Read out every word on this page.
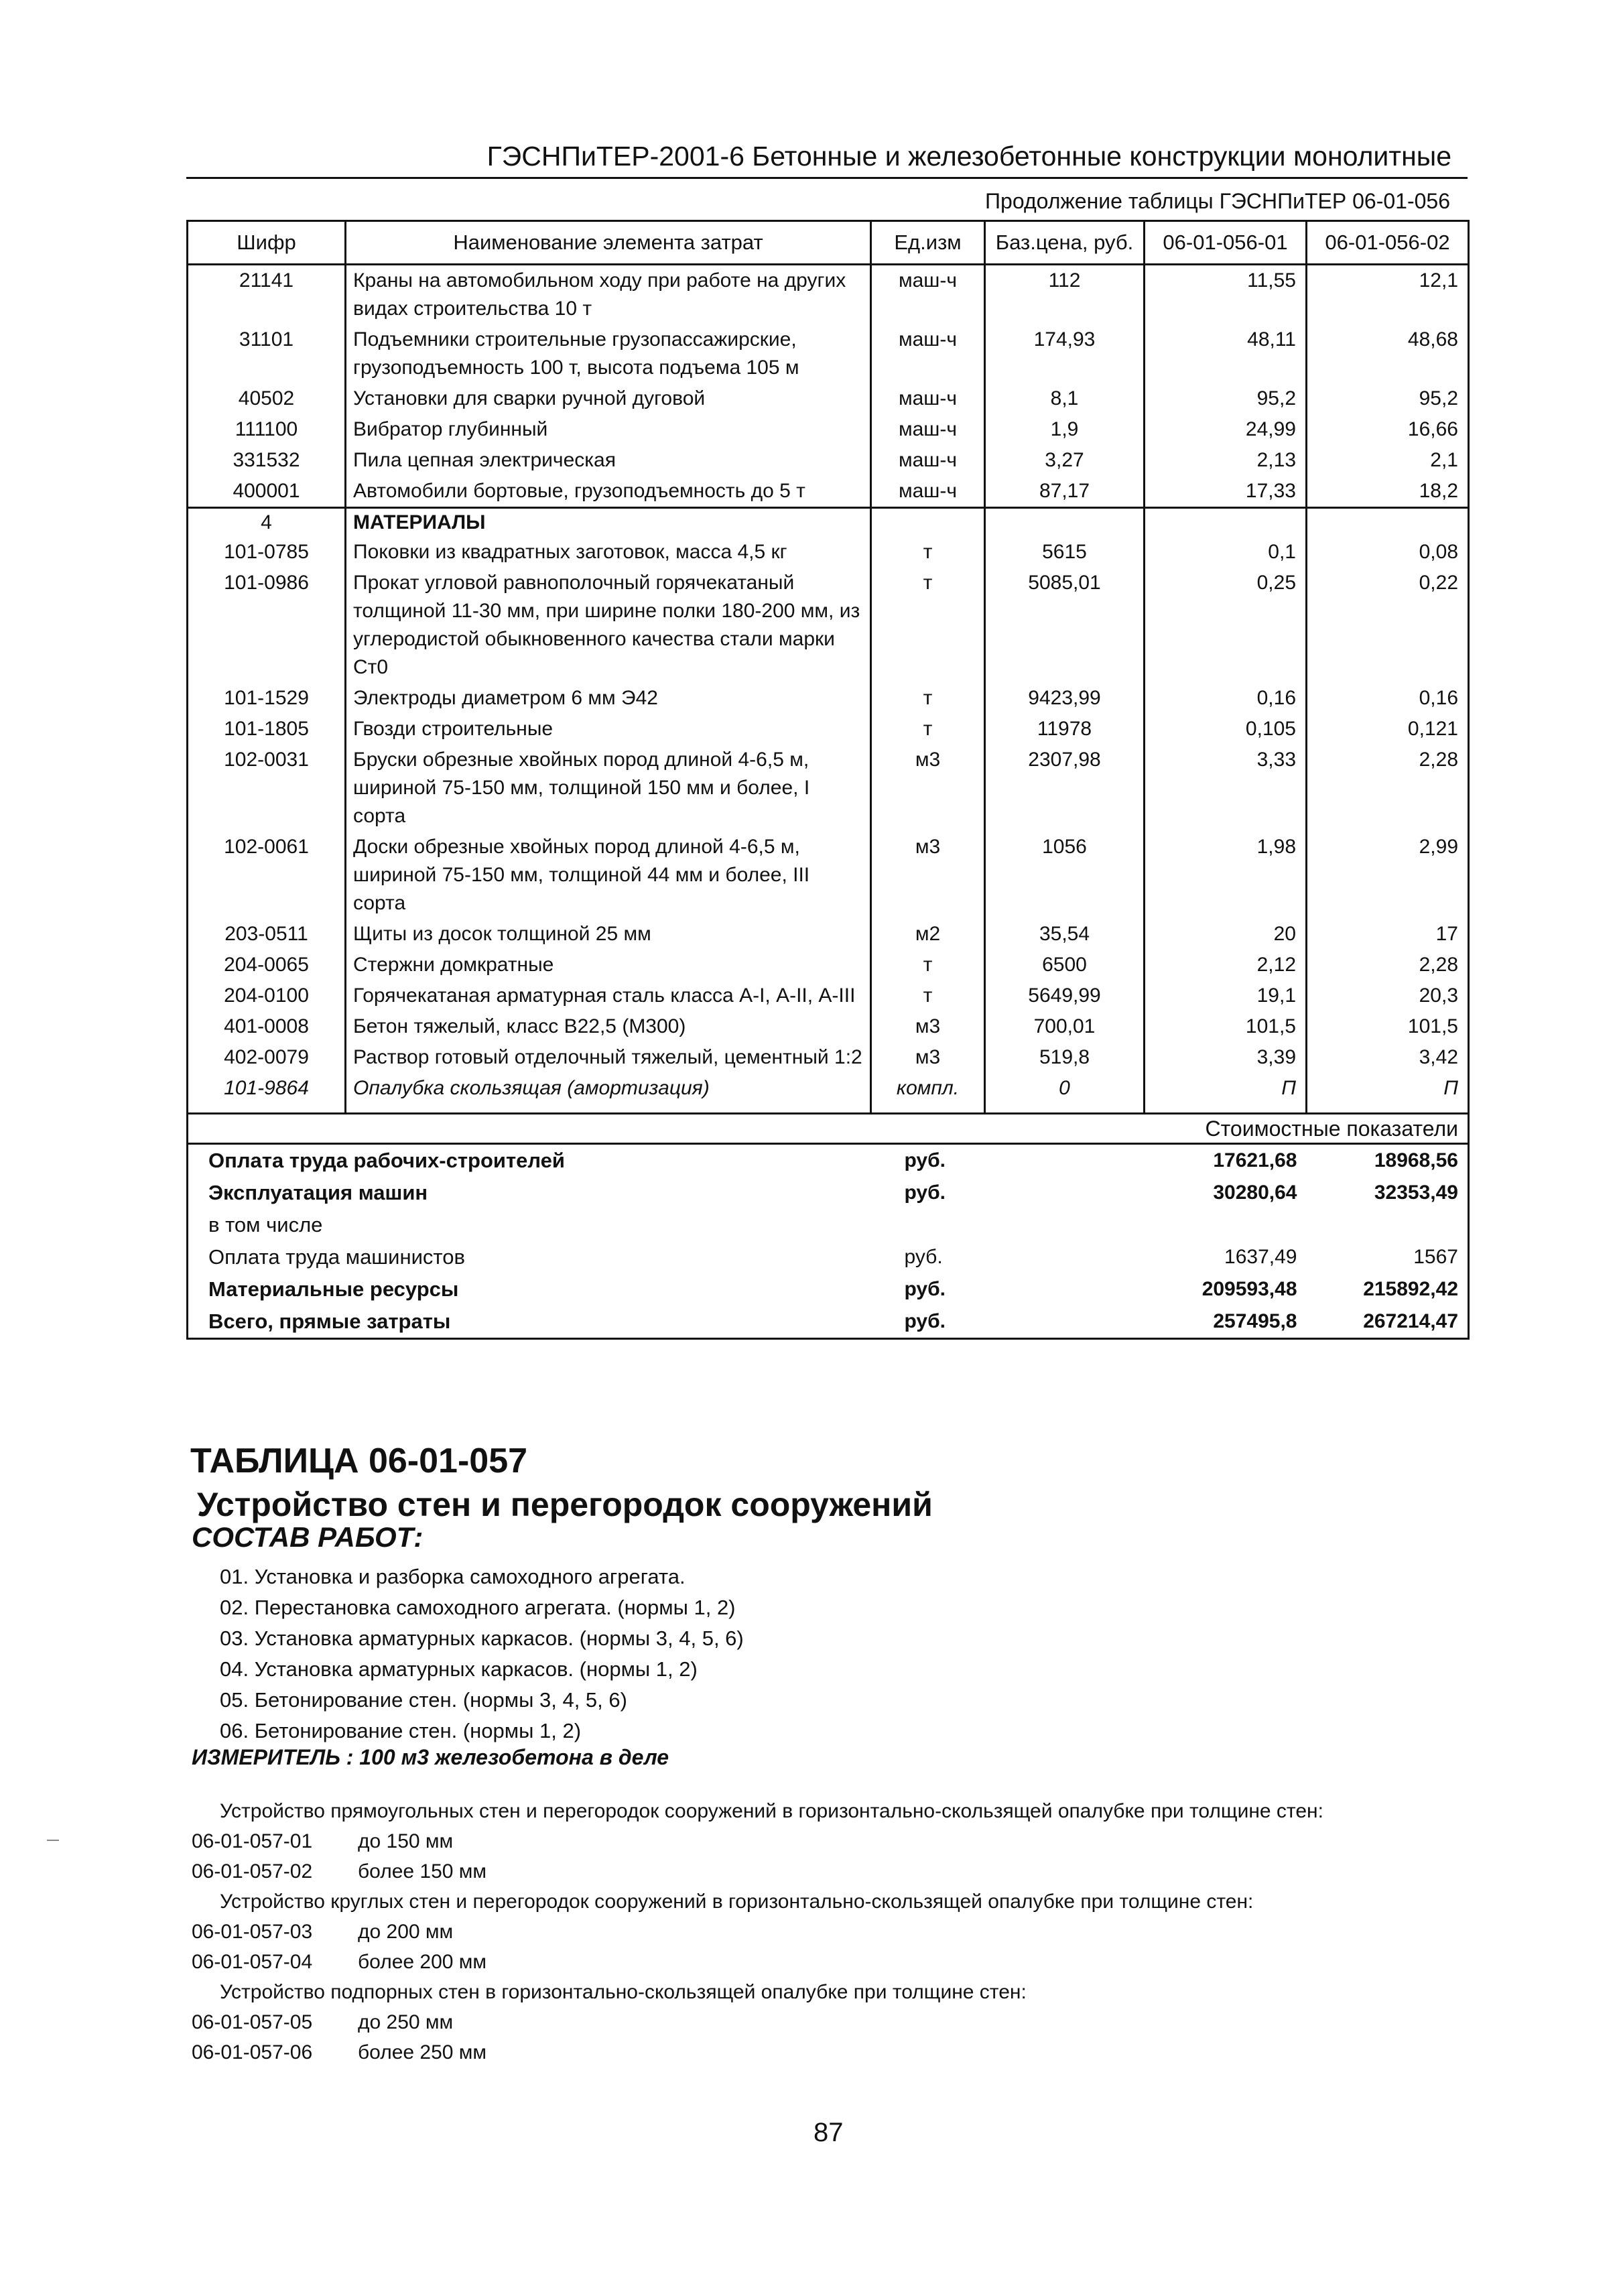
ГЭСНПиТЕР-2001-6 Бетонные и железобетонные конструкции монолитные
Продолжение таблицы ГЭСНПиТЕР 06-01-056
Шифр	Наименование элемента затрат	Ед.изм	Баз.цена, руб.	06-01-056-01	06-01-056-02
21141	Краны на автомобильном ходу при работе на других видах строительства 10 т	маш-ч	112	11,55	12,1
31101	Подъемники строительные грузопассажирские, грузоподъемность 100 т, высота подъема 105 м	маш-ч	174,93	48,11	48,68
40502	Установки для сварки ручной дуговой	маш-ч	8,1	95,2	95,2
111100	Вибратор глубинный	маш-ч	1,9	24,99	16,66
331532	Пила цепная электрическая	маш-ч	3,27	2,13	2,1
400001	Автомобили бортовые, грузоподъемность до 5 т	маш-ч	87,17	17,33	18,2
4	МАТЕРИАЛЫ				
101-0785	Поковки из квадратных заготовок, масса 4,5 кг	т	5615	0,1	0,08
101-0986	Прокат угловой равнополочный горячекатаный толщиной 11-30 мм, при ширине полки 180-200 мм, из углеродистой обыкновенного качества стали марки Ст0	т	5085,01	0,25	0,22
101-1529	Электроды диаметром 6 мм Э42	т	9423,99	0,16	0,16
101-1805	Гвозди строительные	т	11978	0,105	0,121
102-0031	Бруски обрезные хвойных пород длиной 4-6,5 м, шириной 75-150 мм, толщиной 150 мм и более, I сорта	м3	2307,98	3,33	2,28
102-0061	Доски обрезные хвойных пород длиной 4-6,5 м, шириной 75-150 мм, толщиной 44 мм и более, III сорта	м3	1056	1,98	2,99
203-0511	Щиты из досок толщиной 25 мм	м2	35,54	20	17
204-0065	Стержни домкратные	т	6500	2,12	2,28
204-0100	Горячекатаная арматурная сталь класса А-I, А-II, А-III	т	5649,99	19,1	20,3
401-0008	Бетон тяжелый, класс В22,5 (М300)	м3	700,01	101,5	101,5
402-0079	Раствор готовый отделочный тяжелый, цементный 1:2	м3	519,8	3,39	3,42
101-9864	Опалубка скользящая (амортизация)	компл.	0	П	П

				Стоимостные показатели	
Оплата труда рабочих-строителей		руб.		17621,68	18968,56
Эксплуатация машин		руб.		30280,64	32353,49
в том числе					
Оплата труда машинистов		руб.		1637,49	1567
Материальные ресурсы		руб.		209593,48	215892,42
Всего, прямые затраты		руб.		257495,8	267214,47
ТАБЛИЦА 06-01-057
Устройство стен и перегородок сооружений
СОСТАВ РАБОТ:
01. Установка и разборка самоходного агрегата.
02. Перестановка самоходного агрегата. (нормы 1, 2)
03. Установка арматурных каркасов. (нормы 3, 4, 5, 6)
04. Установка арматурных каркасов. (нормы 1, 2)
05. Бетонирование стен. (нормы 3, 4, 5, 6)
06. Бетонирование стен. (нормы 1, 2)
ИЗМЕРИТЕЛЬ : 100 м3 железобетона в деле
Устройство прямоугольных стен и перегородок сооружений в горизонтально-скользящей опалубке при толщине стен:
06-01-057-01 до 150 мм
06-01-057-02 более 150 мм
Устройство круглых стен и перегородок сооружений в горизонтально-скользящей опалубке при толщине стен:
06-01-057-03 до 200 мм
06-01-057-04 более 200 мм
Устройство подпорных стен в горизонтально-скользящей опалубке при толщине стен:
06-01-057-05 до 250 мм
06-01-057-06 более 250 мм
87
